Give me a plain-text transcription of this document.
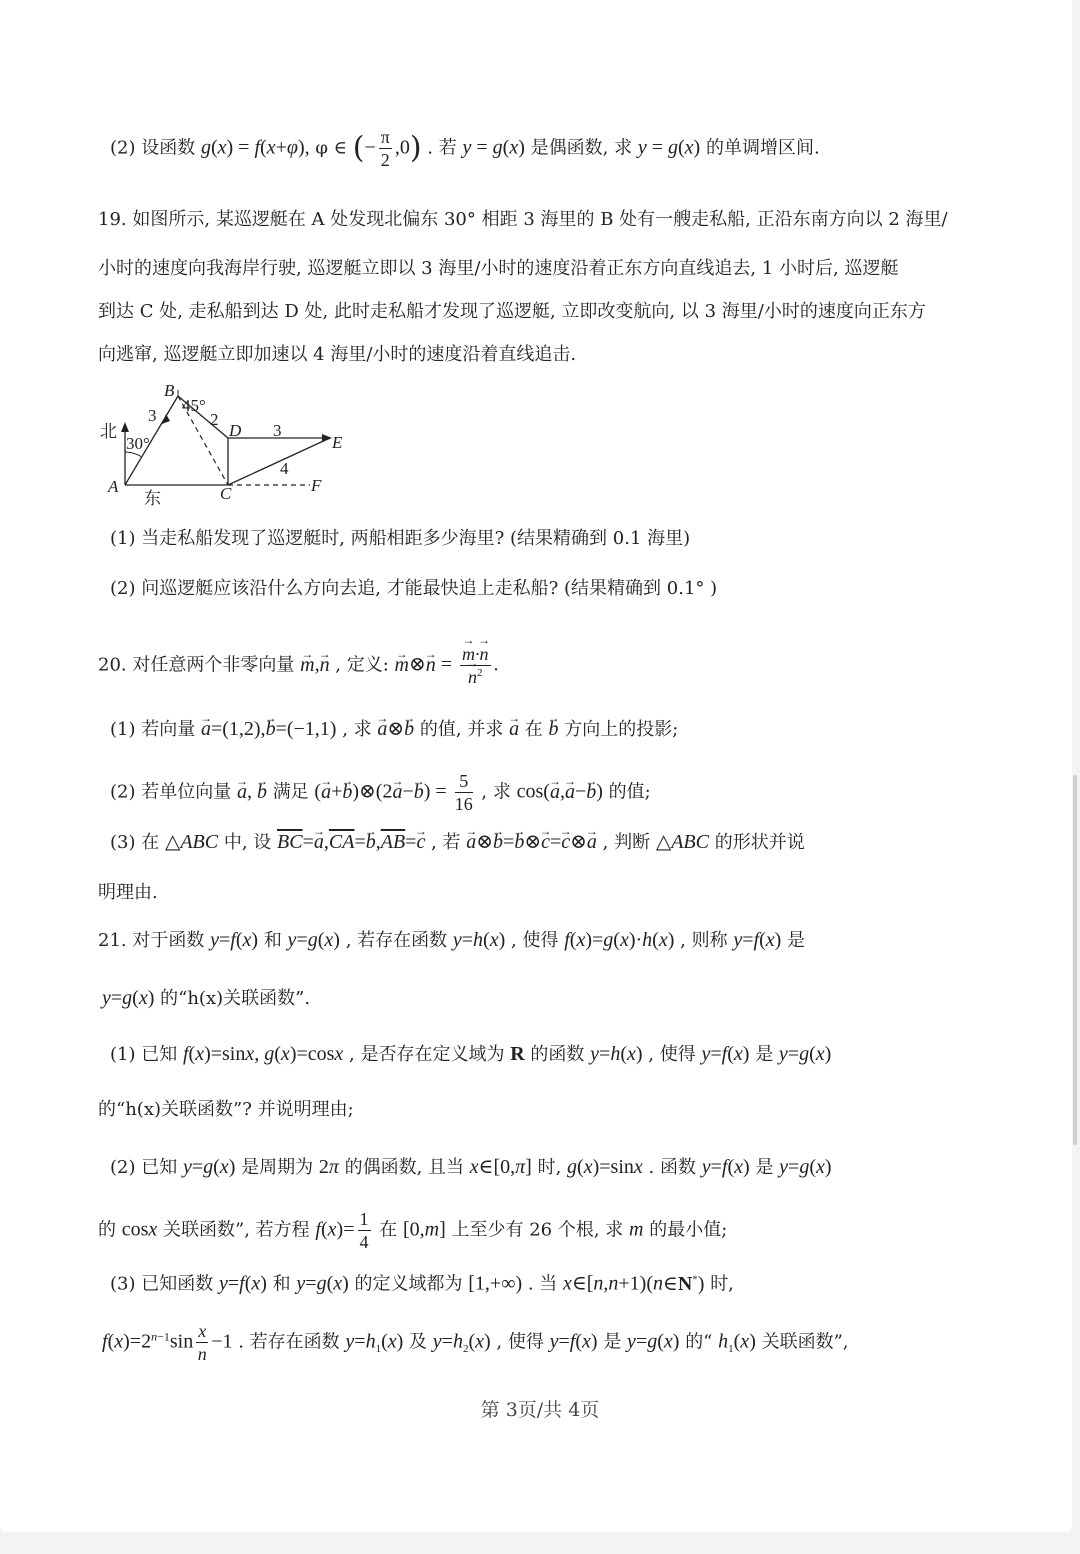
(2) 设函数 g(x) = f(x+φ), φ ∈ (− $\frac{\pi}{2} ,0$) . 若 y = g(x) 是偶函数, 求 y = g(x) 的单调增区间.
19. 如图所示, 某巡逻艇在 A 处发现北偏东 30° 相距 3 海里的 B 处有一艘走私船, 正沿东南方向以 2 海里/
小时的速度向我海岸行驶, 巡逻艇立即以 3 海里/小时的速度沿着正东方向直线追去, 1 小时后, 巡逻艇
到达 C 处, 走私船到达 D 处, 此时走私船才发现了巡逻艇, 立即改变航向, 以 3 海里/小时的速度向正东方
向逃窜, 巡逻艇立即加速以 4 海里/小时的速度沿着直线追击.
B
45°
3	2
北
30°
D 3
E
4
A
东	C	F
(1) 当走私船发现了巡逻艇时, 两船相距多少海里? (结果精确到 0.1 海里)
(2) 问巡逻艇应该沿什么方向去追, 才能最快追上走私船? (结果精确到 0.1° )
20. 对任意两个非零向量 → m,→ n , 定义: → m⊗→ n = → m·→ n
→ $n^2$ .
(1) 若向量 → a=(1,2),→ b=(−1,1) , 求 → a⊗→ b 的值, 并求 → a 在 → b 方向上的投影;
(2) 若单位向量 → a, → b 满足 (→ a+→ b)⊗(2→ $a-\to b) = \frac{5}{16}$ , 求 cos(→ a,→ a−→ b) 的值;
(3) 在 △ABC 中, 设 $\overline{BC}=\to a,\overline{CA}=\to b,\overline{AB}=\to c$ , 若 → a⊗→ b=→ b⊗→ c=→ c⊗→ a , 判断 △ABC 的形状并说
明理由.
21. 对于函数 y=f(x) 和 y=g(x) , 若存在函数 y=h(x) , 使得 f(x)=g(x)·h(x) , 则称 y=f(x) 是
y=g(x) 的“h(x)关联函数”.
(1) 已知 f(x)=sinx, g(x)=cosx , 是否存在定义域为 R 的函数 y=h(x) , 使得 y=f(x) 是 y=g(x)
的“h(x)关联函数”? 并说明理由;
(2) 已知 y=g(x) 是周期为 2π 的偶函数, 且当 x∈[0,π] 时, g(x)=sinx . 函数 y=f(x) 是 y=g(x)
的 cosx 关联函数”, 若方程 $f(x)= \frac{1}{4}$ 在 [0,m] 上至少有 26 个根, 求 m 的最小值;
(3) 已知函数 y=f(x) 和 y=g(x) 的定义域都为 [1,+∞) . 当 x∈[n,n+1)(n∈N*) 时,
$f(x)=2^{n-1}\sin \frac{x}{n} -1$ . 若存在函数 $y=h_1(x)$ 及 $y=h_2(x)$ , 使得 y=f(x) 是 y=g(x) 的“ $h_1(x)$ 关联函数”,
第 3页/共 4页
